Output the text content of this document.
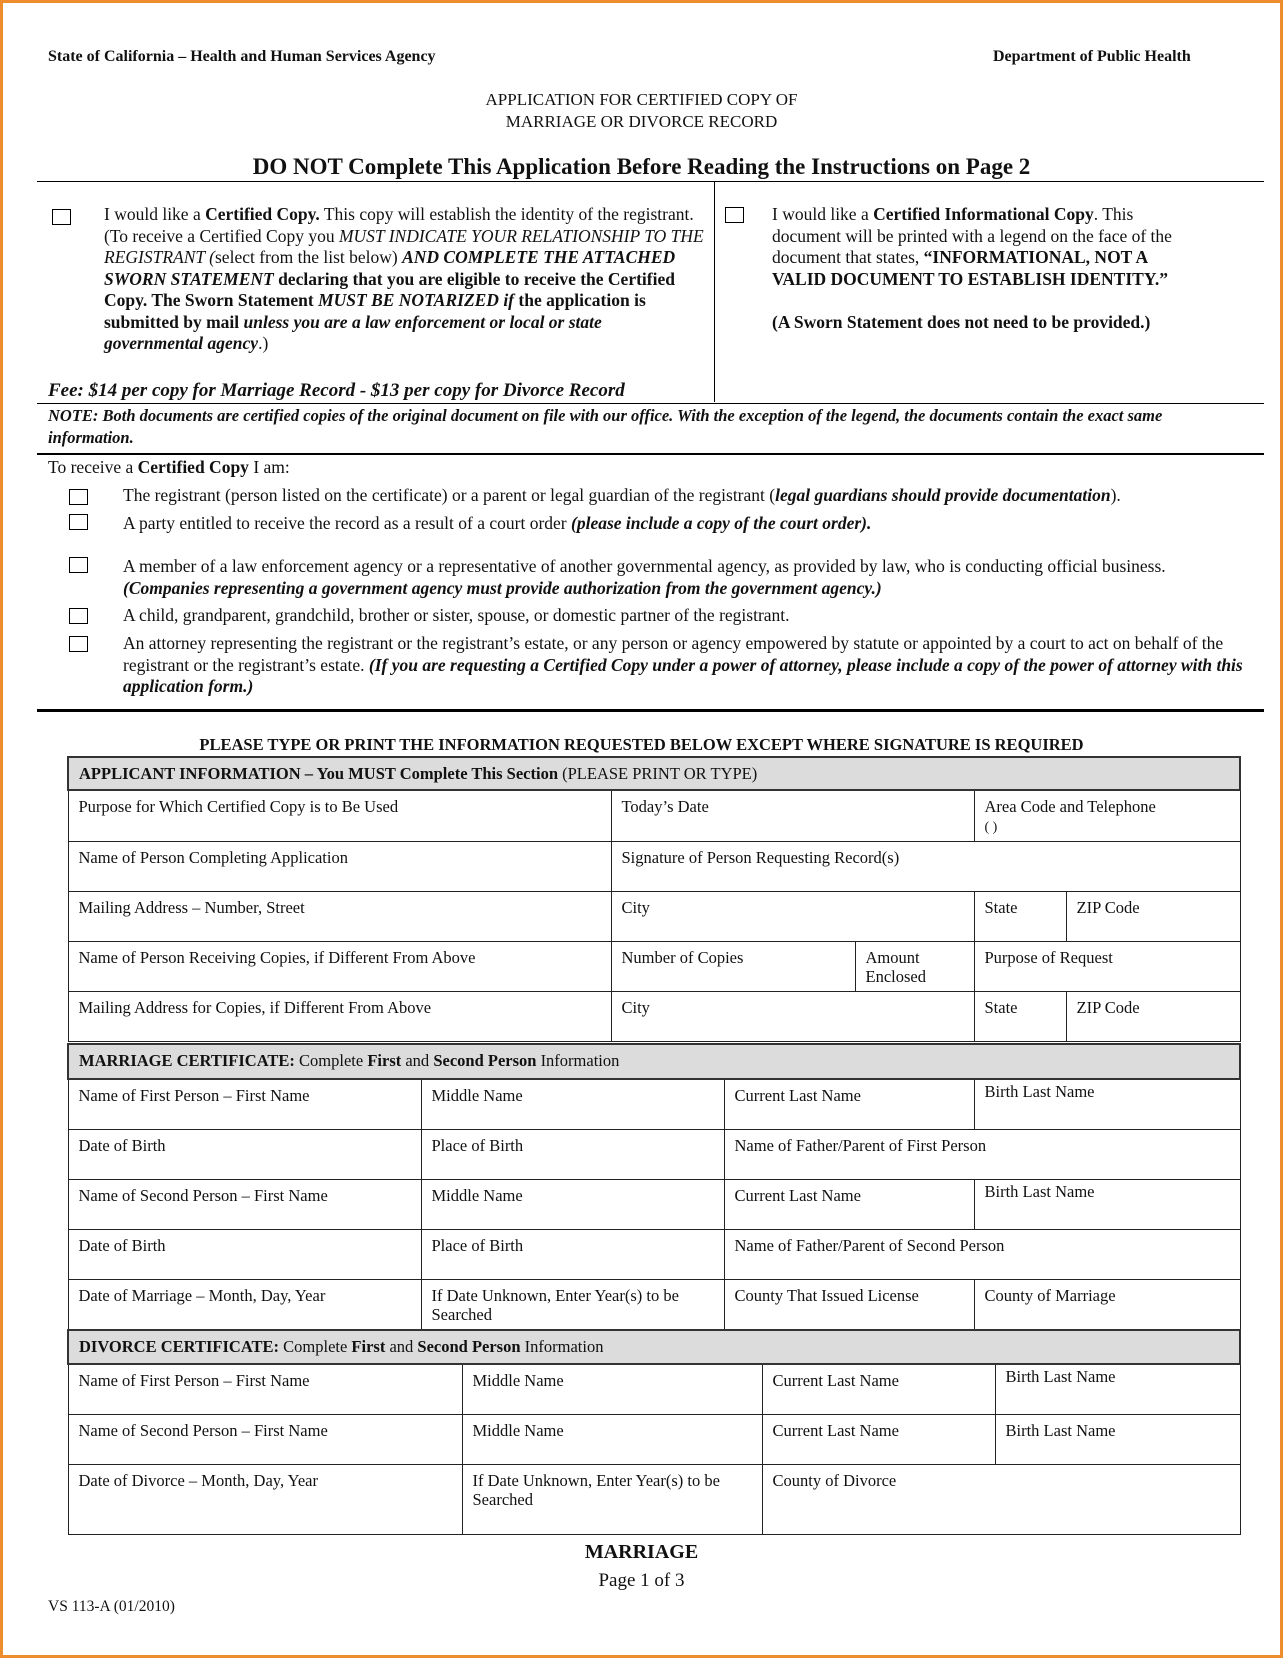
State of California – Health and Human Services Agency	Department of Public Health
APPLICATION FOR CERTIFIED COPY OF
MARRIAGE OR DIVORCE RECORD
DO NOT Complete This Application Before Reading the Instructions on Page 2
I would like a Certified Copy. This copy will establish the identity of the registrant. (To receive a Certified Copy you MUST INDICATE YOUR RELATIONSHIP TO THE REGISTRANT (select from the list below) AND COMPLETE THE ATTACHED SWORN STATEMENT declaring that you are eligible to receive the Certified Copy. The Sworn Statement MUST BE NOTARIZED if the application is submitted by mail unless you are a law enforcement or local or state governmental agency.)
I would like a Certified Informational Copy. This document will be printed with a legend on the face of the document that states, “INFORMATIONAL, NOT A VALID DOCUMENT TO ESTABLISH IDENTITY.”

(A Sworn Statement does not need to be provided.)
Fee: $14 per copy for Marriage Record - $13 per copy for Divorce Record
NOTE: Both documents are certified copies of the original document on file with our office. With the exception of the legend, the documents contain the exact same information.
To receive a Certified Copy I am:
The registrant (person listed on the certificate) or a parent or legal guardian of the registrant (legal guardians should provide documentation).
A party entitled to receive the record as a result of a court order (please include a copy of the court order).
A member of a law enforcement agency or a representative of another governmental agency, as provided by law, who is conducting official business.
(Companies representing a government agency must provide authorization from the government agency.)
A child, grandparent, grandchild, brother or sister, spouse, or domestic partner of the registrant.
An attorney representing the registrant or the registrant’s estate, or any person or agency empowered by statute or appointed by a court to act on behalf of the registrant or the registrant’s estate. (If you are requesting a Certified Copy under a power of attorney, please include a copy of the power of attorney with this application form.)
PLEASE TYPE OR PRINT THE INFORMATION REQUESTED BELOW EXCEPT WHERE SIGNATURE IS REQUIRED
APPLICANT INFORMATION – You MUST Complete This Section (PLEASE PRINT OR TYPE)				
Purpose for Which Certified Copy is to Be Used	Today’s Date		Area Code and Telephone
( )	
Name of Person Completing Application	Signature of Person Requesting Record(s)			
Mailing Address – Number, Street	City		State	ZIP Code
Name of Person Receiving Copies, if Different From Above	Number of Copies	Amount Enclosed	Purpose of Request	
Mailing Address for Copies, if Different From Above	City		State	ZIP Code
MARRIAGE CERTIFICATE: Complete First and Second Person Information			
Name of First Person – First Name	Middle Name	Current Last Name	Birth Last Name
Date of Birth	Place of Birth	Name of Father/Parent of First Person	
Name of Second Person – First Name	Middle Name	Current Last Name	Birth Last Name
Date of Birth	Place of Birth	Name of Father/Parent of Second Person	
Date of Marriage – Month, Day, Year	If Date Unknown, Enter Year(s) to be Searched	County That Issued License	County of Marriage
DIVORCE CERTIFICATE: Complete First and Second Person Information			
Name of First Person – First Name	Middle Name	Current Last Name	Birth Last Name
Name of Second Person – First Name	Middle Name	Current Last Name	Birth Last Name
Date of Divorce – Month, Day, Year	If Date Unknown, Enter Year(s) to be Searched	County of Divorce	
MARRIAGE
Page 1 of 3
VS 113-A (01/2010)
